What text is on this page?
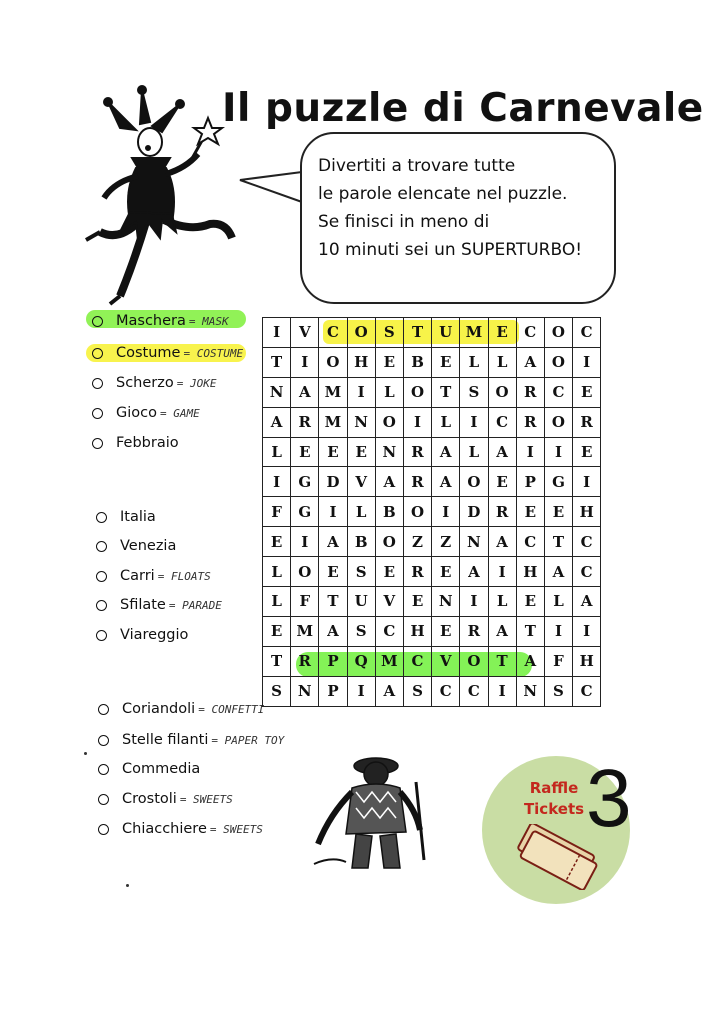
Il puzzle di Carnevale
Divertiti a trovare tutte
le parole elencate nel puzzle.
Se finisci in meno di
10 minuti sei un SUPERTURBO!
Maschera = MASK
Costume = COSTUME
Scherzo = JOKE
Gioco = GAME
Febbraio
Italia
Venezia
Carri = FLOATS
Sfilate = PARADE
Viareggio
Coriandoli = CONFETTI
Stelle filanti = PAPER TOY
Commedia
Crostoli = SWEETS
Chiacchiere = SWEETS
I	V	C	O	S	T	U	M	E	C	O	C
T	I	O	H	E	B	E	L	L	A	O	I
N	A	M	I	L	O	T	S	O	R	C	E
A	R	M	N	O	I	L	I	C	R	O	R
L	E	E	E	N	R	A	L	A	I	I	E
I	G	D	V	A	R	A	O	E	P	G	I
F	G	I	L	B	O	I	D	R	E	E	H
E	I	A	B	O	Z	Z	N	A	C	T	C
L	O	E	S	E	R	E	A	I	H	A	C
L	F	T	U	V	E	N	I	L	E	L	A
E	M	A	S	C	H	E	R	A	T	I	I
T	R	P	Q	M	C	V	O	T	A	F	H
S	N	P	I	A	S	C	C	I	N	S	C
Raffle
Tickets 3
